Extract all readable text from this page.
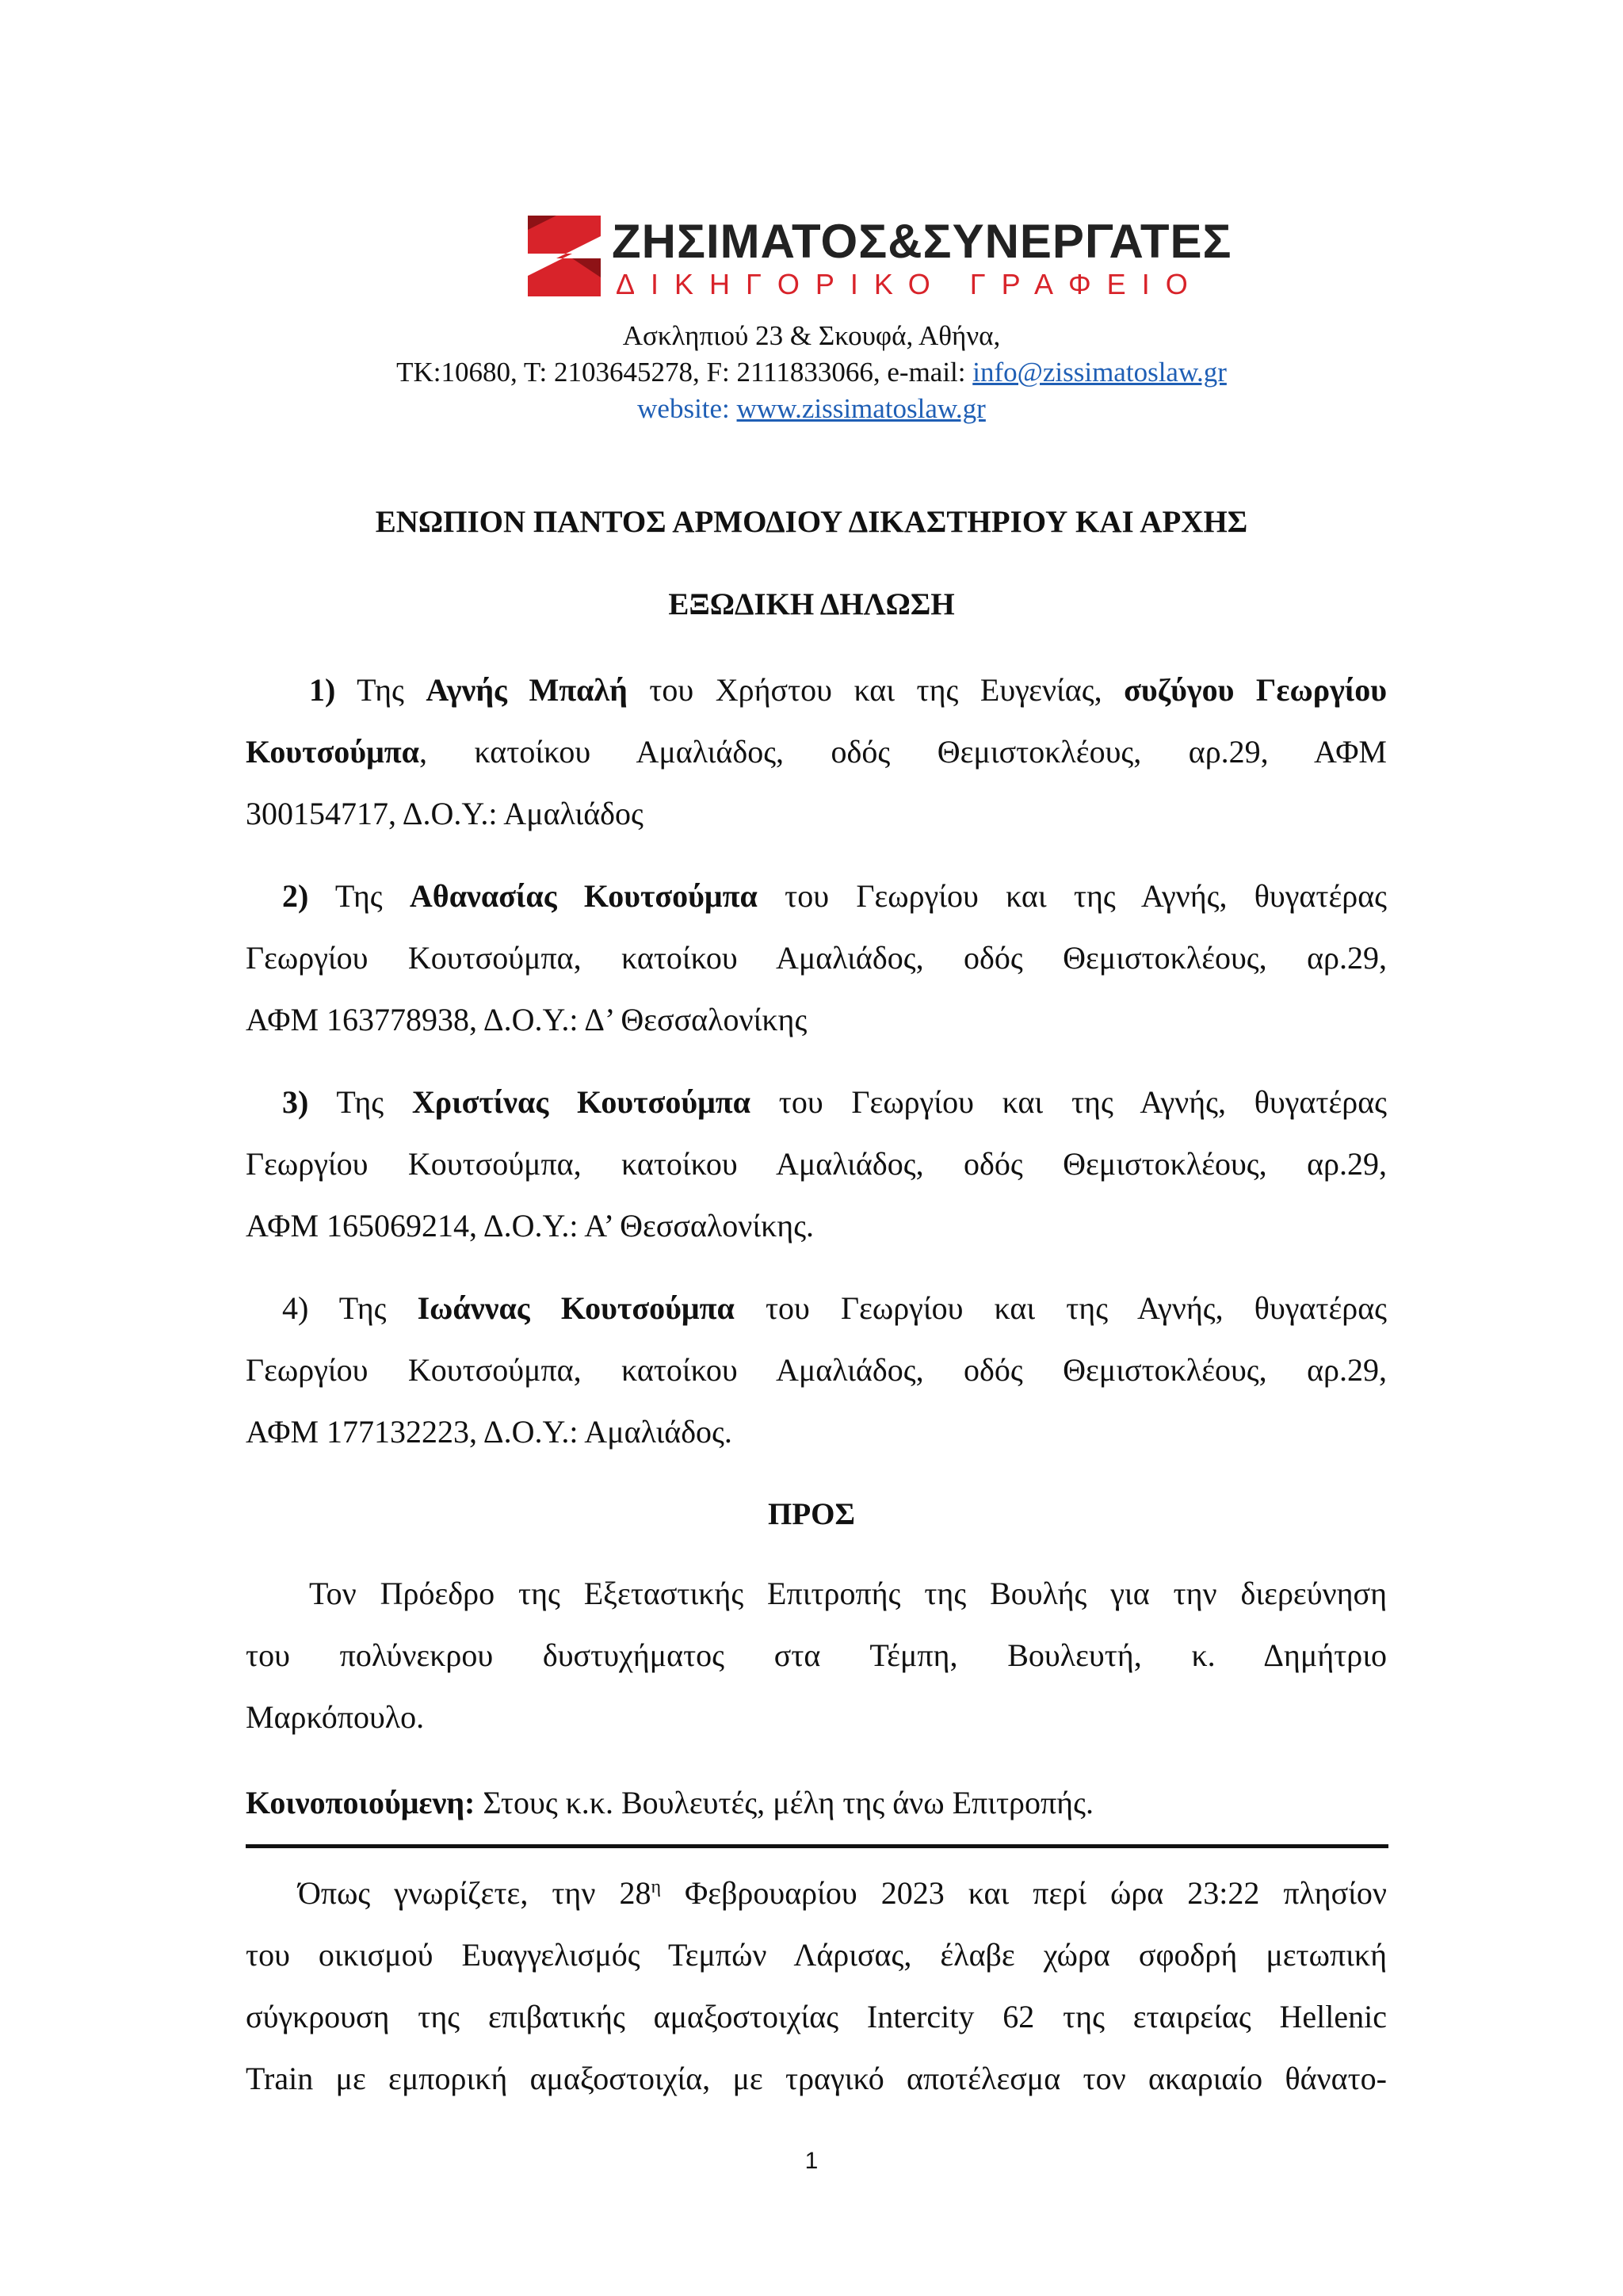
ΖΗΣΙΜΑΤΟΣ&ΣΥΝΕΡΓΑΤΕΣ
ΔΙΚΗΓΟΡΙΚΟ ΓΡΑΦΕΙΟ
Ασκληπιού 23 & Σκουφά, Αθήνα,
ΤΚ:10680, Τ: 2103645278, F: 2111833066, e-mail: info@zissimatoslaw.gr
website: www.zissimatoslaw.gr
ΕΝΩΠΙΟΝ ΠΑΝΤΟΣ ΑΡΜΟΔΙΟΥ ΔΙΚΑΣΤΗΡΙΟΥ ΚΑΙ ΑΡΧΗΣ
ΕΞΩΔΙΚΗ ΔΗΛΩΣΗ
1) Της Αγνής Μπαλή του Χρήστου και της Ευγενίας, συζύγου Γεωργίου
Κουτσούμπα, κατοίκου Αμαλιάδος, οδός Θεμιστοκλέους, αρ.29, ΑΦΜ
300154717, Δ.Ο.Υ.: Αμαλιάδος
2) Της Αθανασίας Κουτσούμπα του Γεωργίου και της Αγνής, θυγατέρας
Γεωργίου Κουτσούμπα, κατοίκου Αμαλιάδος, οδός Θεμιστοκλέους, αρ.29,
ΑΦΜ 163778938, Δ.Ο.Υ.: Δ’ Θεσσαλονίκης
3) Της Χριστίνας Κουτσούμπα του Γεωργίου και της Αγνής, θυγατέρας
Γεωργίου Κουτσούμπα, κατοίκου Αμαλιάδος, οδός Θεμιστοκλέους, αρ.29,
ΑΦΜ 165069214, Δ.Ο.Υ.: Α’ Θεσσαλονίκης.
4) Της Ιωάννας Κουτσούμπα του Γεωργίου και της Αγνής, θυγατέρας
Γεωργίου Κουτσούμπα, κατοίκου Αμαλιάδος, οδός Θεμιστοκλέους, αρ.29,
ΑΦΜ 177132223, Δ.Ο.Υ.: Αμαλιάδος.
ΠΡΟΣ
Τον Πρόεδρο της Εξεταστικής Επιτροπής της Βουλής για την διερεύνηση
του πολύνεκρου δυστυχήματος στα Τέμπη, Βουλευτή, κ. Δημήτριο
Μαρκόπουλο.
Κοινοποιούμενη: Στους κ.κ. Βουλευτές, μέλη της άνω Επιτροπής.
Όπως γνωρίζετε, την $28^\eta$ Φεβρουαρίου 2023 και περί ώρα 23:22 πλησίον
του οικισμού Ευαγγελισμός Τεμπών Λάρισας, έλαβε χώρα σφοδρή μετωπική
σύγκρουση της επιβατικής αμαξοστοιχίας Intercity 62 της εταιρείας Hellenic
Train με εμπορική αμαξοστοιχία, με τραγικό αποτέλεσμα τον ακαριαίο θάνατο-
1
